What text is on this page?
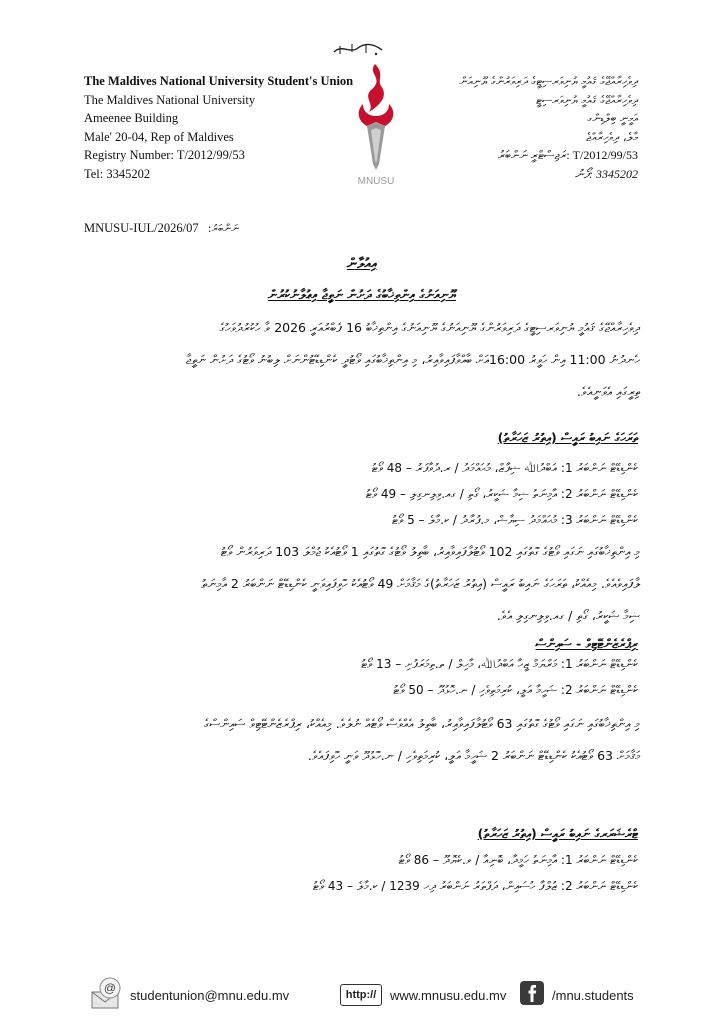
The Maldives National University Student's Union
The Maldives National University
Ameenee Building
Male' 20-04, Rep of Maldives
Registry Number: T/2012/99/53
Tel: 3345202
ދިވެހިރާއްޖޭގެ ޤައުމީ ޔުނިވަރސިޓީގެ ދަރިވަރުންގެ ޔޫނިއަން
ދިވެހިރާއްޖޭގެ ޤައުމީ ޔުނިވަރސިޓީ
އަމީނީ ބިލްޑިންގ
މާލެ، ދިވެހިރާއްޖެ
T/2012/99/53 :ރަޖިސްޓްރީ ނަންބަރު
3345202 :ފޯނު
MNUSU
MNUSU-IUL/2026/07 :ނަންބަރު
އިއުލާން
ޔޫނިއަނުގެ އިންތިޚާބުގެ ދަށުން ނަތީޖާ އިޢުލާނުކުރުން
ދިވެހިރާއްޖޭގެ ޤައުމީ ޔުނިވަރސިޓީގެ ދަރިވަރުންގެ ޔޫނިއަނުގެ ޔޫނިއަނުގެ އިންތިޚާބު 16 ފެބްރުއަރީ 2026 ވާ ހުކުރުދުވަހުގެ
ހެނދުނު 11:00 އިން ހަވީރު 16:00އަށް ބާއްވާފައިވާއިރު، މި އިންތިޚާބުގައި ވޯޓުދީ ކެންޑިޑޭޓުންނަށް ލިބުނު ވޯޓުގެ ދަށުން ނަތީޖާ
ތިރީގައި އެވަނީއެވެ.
ތަރަހަގެ ނައިބު ރައީސް (އިތުރު ޒަހަރާތު)
ކެންޑިޑޭޓް ނަންބަރު 1: އަބްދުﷲ ޝިފާޒް، މުޙައްމަދު / ރ.ދުވާފަރު – 48 ވޯޓު
ކެންޑިޑޭޓް ނަންބަރު 2: އާމިނަތު ޝިމާ ޝަކީރު، ގޯތި / ގއ.ވިލިނގިލި – 49 ވޯޓު
ކެންޑިޑޭޓް ނަންބަރު 3: މުޙައްމަދު ސިޔާޝް، މ.ފުރާދު / ކ.މާލެ – 5 ވޯޓު
މި އިންތިޚާބުގައި ނަގައި ވޯޓުގެ ގޮތުގައި 102 ވޯޓުލާފައިވާއިރު، ބާތިލު ވޯޓުގެ ގޮތުގައި 1 ވޯޓުއެކު ޖުމްލަ 103 ދަރިވަރުން ވޯޓު
ލާފައިވެއެވެ. މިއެއްކު، ތަރަހަގެ ނައިބު ރައީސް (އިތުރު ޒަހަރާތު)ގެ މަޤާމަށް 49 ވޯޓުއެކު ހޮވިފައިވަނީ ކެންޑިޑޭޓް ނަންބަރު 2 އާމިނަތު
ޝިމާ ޝަކީރު، ގޯތި / ގއ.ވިލިނގިލި އެވެ.
ރިޕްރެޒެންޓޭޓިވް - ސައިންސް
ކެންޑިޑޭޓް ނަންބަރު 1: މަރްޔަމް ޒީހާ އަބްދުﷲ، މާހިލް / ތ.ތިމަރަފުށި – 13 ވޯޓު
ކެންޑިޑޭޓް ނަންބަރު 2: ޝަހީމާ އަލީ، ކުރިމަތިވެހި / ނ.ހޮޅުދޫ – 50 ވޯޓު
މި އިންތިޚާބުގައި ނަގައި ވޯޓުގެ ގޮތުގައި 63 ވޯޓުލާފައިވާއިރު، ބާތިލު އެއްވެސް ވޯޓެއް ނުލެވެ. މިއެއްކު، ރިޕްރެޒެންޓޭޓިވް ސައިންސްގެ
މަޤާމަށް 63 ވޯޓުއެކު ކެންޑިޑޭޓް ނަންބަރު 2 ޝަހީމާ އަލީ، ކުރިމަތިވެހި / ނ.ހޮޅުދޫ ވަނީ ހޮވިފައެވެ.
ޓްރެޝަރަރގެ ނައިބު ރައީސް (އިތުރު ޒަހަރާތު)
ކެންޑިޑޭޓް ނަންބަރު 1: އާމިނަތު ހަމީދާ، ބޮނިއާ / ވ.ކެޔޮދޫ – 86 ވޯޓު
ކެންޑިޑޭޓް ނަންބަރު 2: ޒުލްފާ ހުސައިން، ދަފްތަރު ނަންބަރު ދިހ 1239 / ކ.މާލެ – 43 ވޯޓު
@ studentunion@mnu.edu.mv	http://	www.mnusu.edu.mv	/mnu.students
